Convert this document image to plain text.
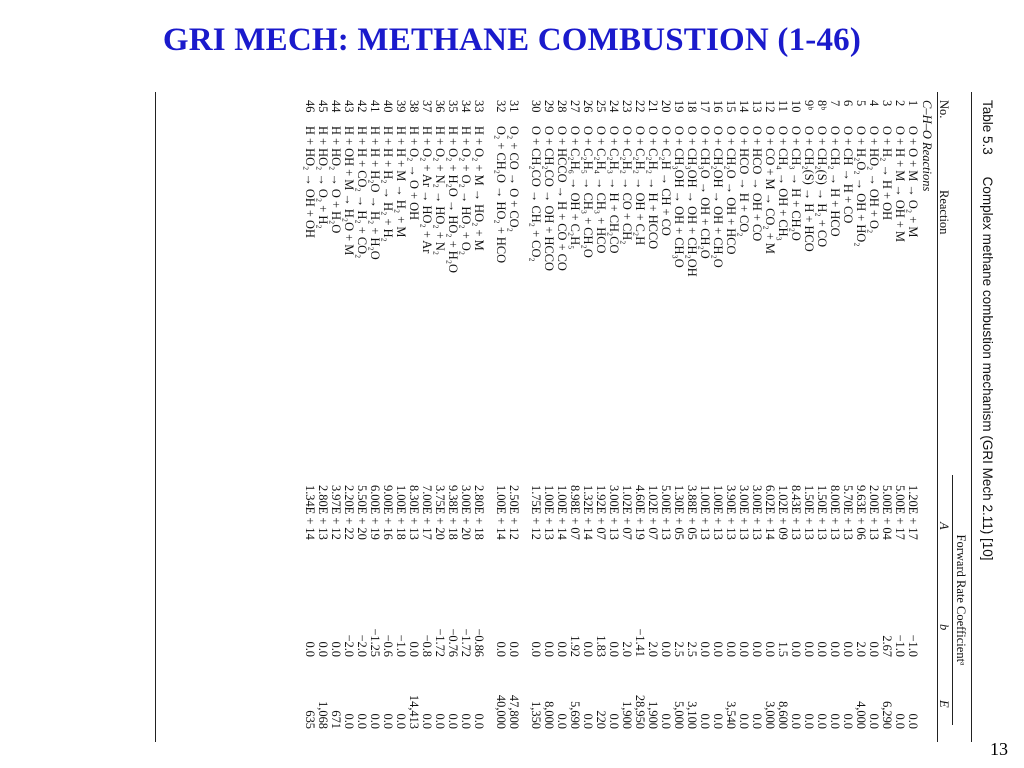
GRI MECH: METHANE COMBUSTION (1-46)
Table 5.3 Complex methane combustion mechanism (GRI Mech 2.11) [10]
Forward Rate Coefficientᵃ
No.
Reaction
A
b
E
C–H–O Reactions
1
O + O + M → O₂ + M
1.20E + 17
−1.0
0.0
2
O + H + M → OH + M
5.00E + 17
−1.0
0.0
3
O + H₂ → H + OH
5.00E + 04
2.67
6,290
4
O + HO₂ → OH + O₂
2.00E + 13
0.0
0.0
5
O + H₂O₂ → OH + HO₂
9.63E + 06
2.0
4,000
6
O + CH → H + CO
5.70E + 13
0.0
0.0
7
O + CH₂ → H + HCO
8.00E + 13
0.0
0.0
8ᵇ
O + CH₂(S) → H₂ + CO
1.50E + 13
0.0
0.0
9ᵇ
O + CH₂(S) → H + HCO
1.50E + 13
0.0
0.0
10
O + CH₃ → H + CH₂O
8.43E + 13
0.0
0.0
11
O + CH₄ → OH + CH₃
1.02E + 09
1.5
8,600
12
O + CO + M → CO₂ + M
6.02E + 14
0.0
3,000
13
O + HCO → OH + CO
3.00E + 13
0.0
0.0
14
O + HCO → H + CO₂
3.00E + 13
0.0
0.0
15
O + CH₂O → OH + HCO
3.90E + 13
0.0
3,540
16
O + CH₂OH → OH + CH₂O
1.00E + 13
0.0
0.0
17
O + CH₃O → OH + CH₂O
1.00E + 13
0.0
0.0
18
O + CH₃OH → OH + CH₂OH
3.88E + 05
2.5
3,100
19
O + CH₃OH → OH + CH₃O
1.30E + 05
2.5
5,000
20
O + C₂H → CH + CO
5.00E + 13
0.0
0.0
21
O + C₂H₂ → H + HCCO
1.02E + 07
2.0
1,900
22
O + C₂H₂ → OH + C₂H
4.60E + 19
−1.41
28,950
23
O + C₂H₂ → CO + CH₂
1.02E + 07
2.0
1,900
24
O + C₂H₃ → H + CH₂CO
3.00E + 13
0.0
0.0
25
O + C₂H₄ → CH₃ + HCO
1.92E + 07
1.83
220
26
O + C₂H₅ → CH₃ + CH₂O
1.32E + 14
0.0
0.0
27
O + C₂H₆ → OH + C₂H₅
8.98E + 07
1.92
5,690
28
O + HCCO → H + CO + CO
1.00E + 14
0.0
0.0
29
O + CH₂CO → OH + HCCO
1.00E + 13
0.0
8,000
30
O + CH₂CO → CH₂ + CO₂
1.75E + 12
0.0
1,350
31
O₂ + CO → O + CO₂
2.50E + 12
0.0
47,800
32
O₂ + CH₂O → HO₂ + HCO
1.00E + 14
0.0
40,000
33
H + O₂ + M → HO₂ + M
2.80E + 18
−0.86
0.0
34
H + O₂ + O₂ → HO₂ + O₂
3.00E + 20
−1.72
0.0
35
H + O₂ + H₂O → HO₂ + H₂O
9.38E + 18
−0.76
0.0
36
H + O₂ + N₂ → HO₂ + N₂
3.75E + 20
−1.72
0.0
37
H + O₂ + Ar → HO₂ + Ar
7.00E + 17
−0.8
0.0
38
H + O₂ → O + OH
8.30E + 13
0.0
14,413
39
H + H + M → H₂ + M
1.00E + 18
−1.0
0.0
40
H + H + H₂ → H₂ + H₂
9.00E + 16
−0.6
0.0
41
H + H + H₂O → H₂ + H₂O
6.00E + 19
−1.25
0.0
42
H + H + CO₂ → H₂ + CO₂
5.50E + 20
−2.0
0.0
43
H + OH + M → H₂O + M
2.20E + 22
−2.0
0.0
44
H + HO₂ → O + H₂O
3.97E + 12
0.0
671
45
H + HO₂ → O₂ + H₂
2.80E + 13
0.0
1,068
46
H + HO₂ → OH + OH
1.34E + 14
0.0
635
13
